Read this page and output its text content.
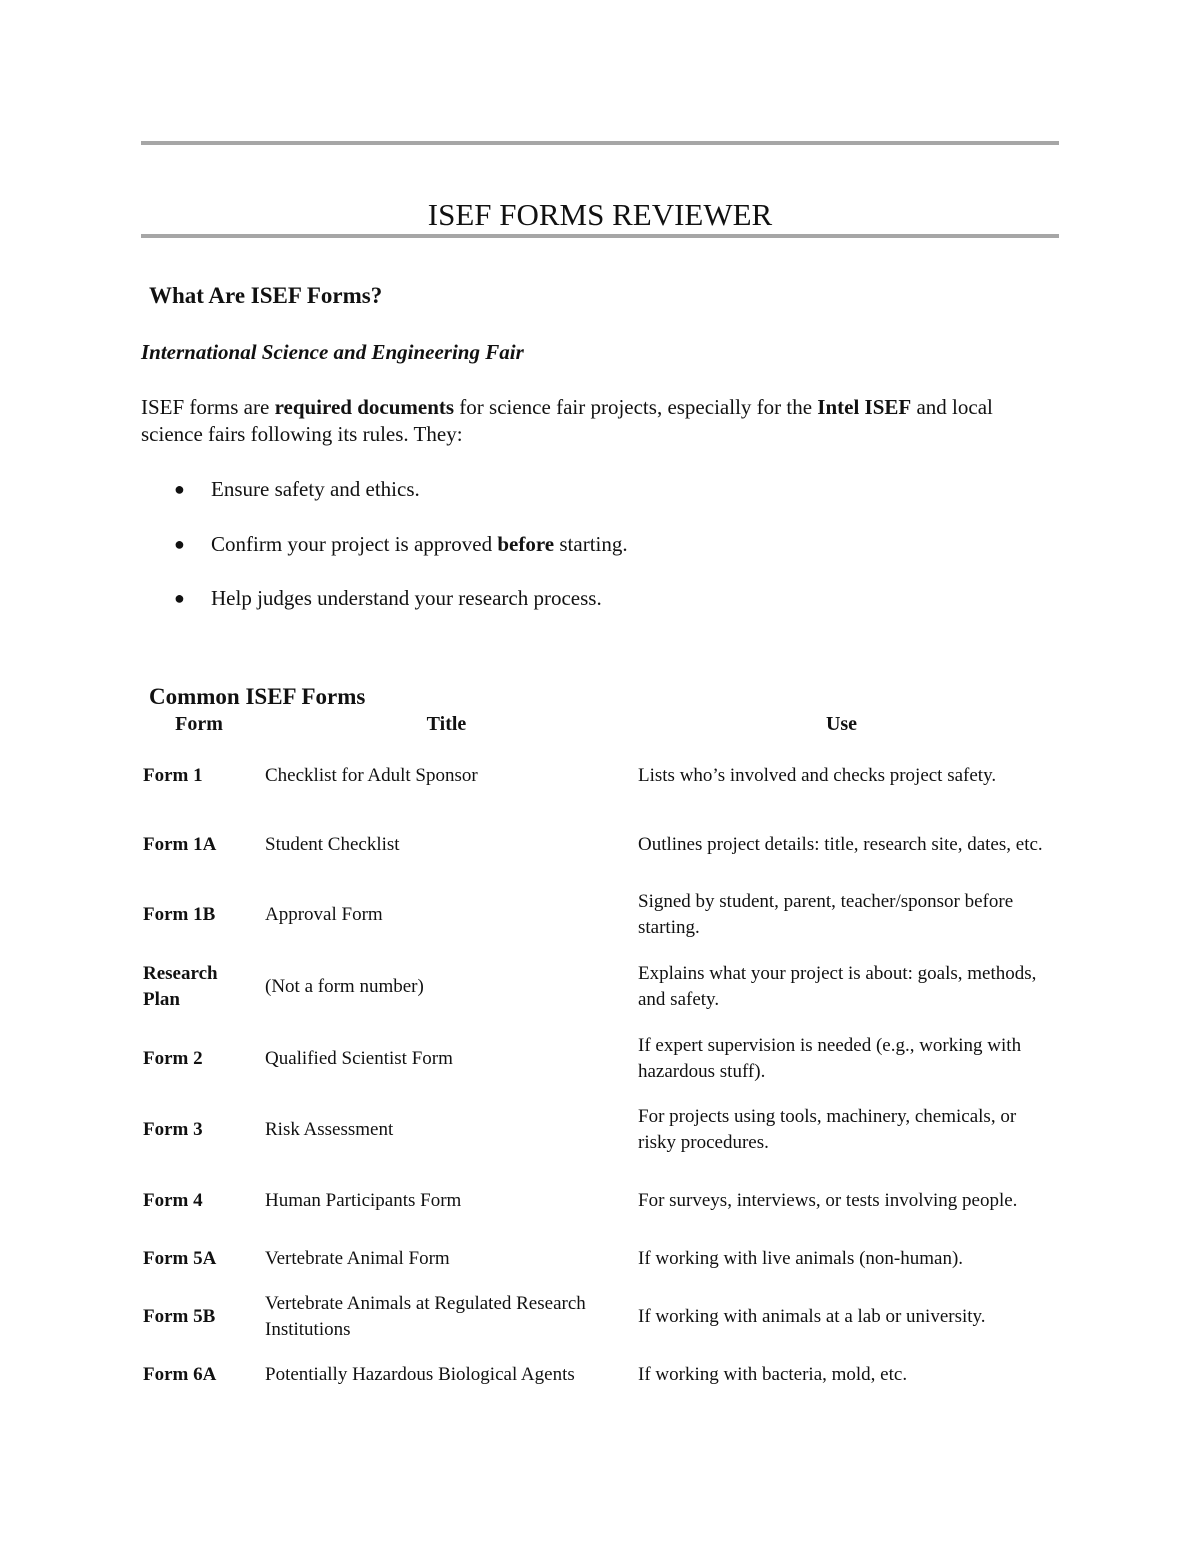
ISEF FORMS REVIEWER
What Are ISEF Forms?

International Science and Engineering Fair

ISEF forms are required documents for science fair projects, especially for the Intel ISEF and local science fairs following its rules. They:

● Ensure safety and ethics.
● Confirm your project is approved before starting.
● Help judges understand your research process.
Common ISEF Forms
Form	Title	Use
Form 1	Checklist for Adult Sponsor	Lists who’s involved and checks project safety.
Form 1A	Student Checklist	Outlines project details: title, research site, dates, etc.
Form 1B	Approval Form	Signed by student, parent, teacher/sponsor before starting.
Research Plan	(Not a form number)	Explains what your project is about: goals, methods, and safety.
Form 2	Qualified Scientist Form	If expert supervision is needed (e.g., working with hazardous stuff).
Form 3	Risk Assessment	For projects using tools, machinery, chemicals, or risky procedures.
Form 4	Human Participants Form	For surveys, interviews, or tests involving people.
Form 5A	Vertebrate Animal Form	If working with live animals (non-human).
Form 5B	Vertebrate Animals at Regulated Research Institutions	If working with animals at a lab or university.
Form 6A	Potentially Hazardous Biological Agents	If working with bacteria, mold, etc.
